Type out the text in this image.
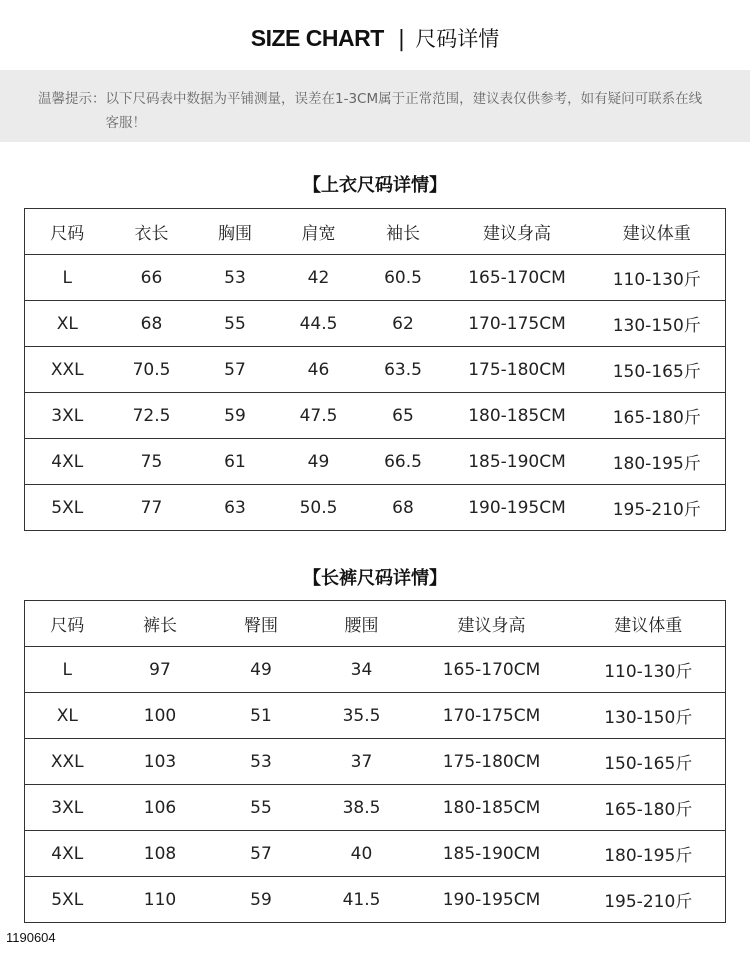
SIZE CHART | 尺码详情
温馨提示： 以下尺码表中数据为平铺测量，误差在1-3CM属于正常范围，建议表仅供参考，如有疑问可联系在线客服！
【上衣尺码详情】
尺码	衣长	胸围	肩宽	袖长	建议身高	建议体重
L	66	53	42	60.5	165-170CM	110-130斤
XL	68	55	44.5	62	170-175CM	130-150斤
XXL	70.5	57	46	63.5	175-180CM	150-165斤
3XL	72.5	59	47.5	65	180-185CM	165-180斤
4XL	75	61	49	66.5	185-190CM	180-195斤
5XL	77	63	50.5	68	190-195CM	195-210斤
【长裤尺码详情】
尺码	裤长	臀围	腰围	建议身高	建议体重
L	97	49	34	165-170CM	110-130斤
XL	100	51	35.5	170-175CM	130-150斤
XXL	103	53	37	175-180CM	150-165斤
3XL	106	55	38.5	180-185CM	165-180斤
4XL	108	57	40	185-190CM	180-195斤
5XL	110	59	41.5	190-195CM	195-210斤
1190604
